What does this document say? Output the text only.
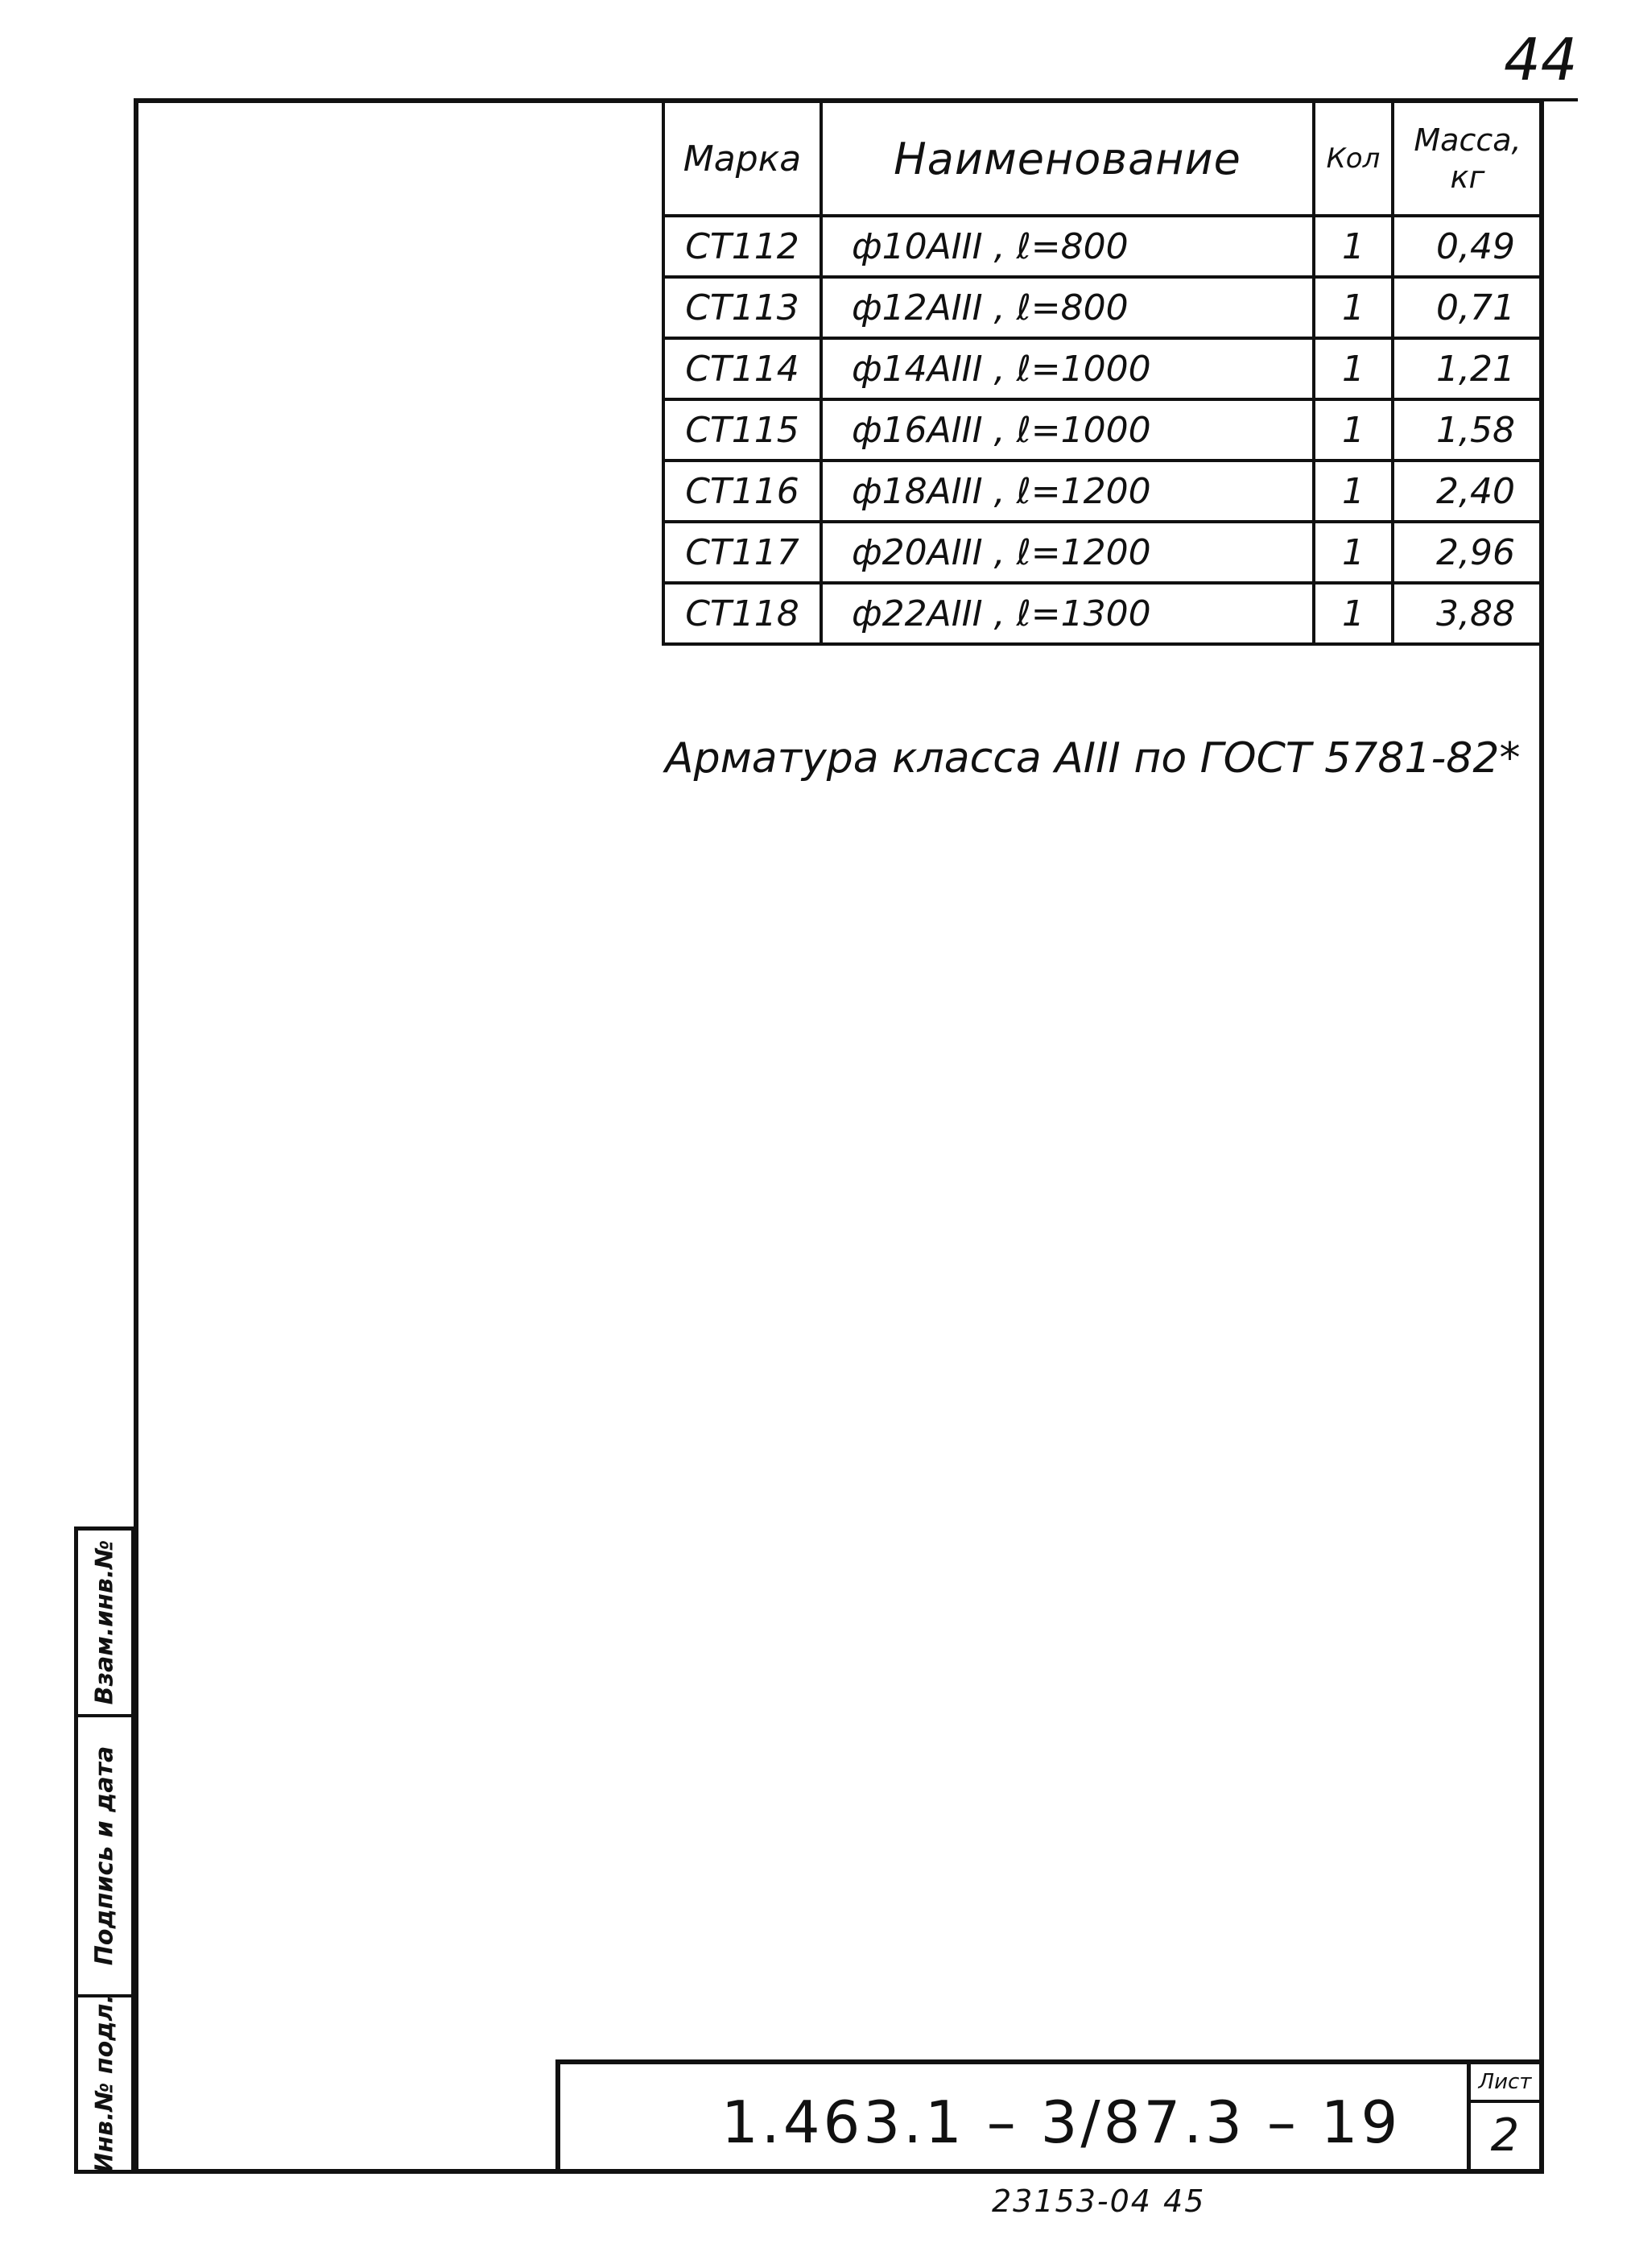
44
Марка	Наименование	Кол	Масса,
кг

СТ112	ф10АIII , ℓ=800	1	0,49
СТ113	ф12АIII , ℓ=800	1	0,71
СТ114	ф14АIII , ℓ=1000	1	1,21
СТ115	ф16АIII , ℓ=1000	1	1,58
СТ116	ф18АIII , ℓ=1200	1	2,40
СТ117	ф20АIII , ℓ=1200	1	2,96
СТ118	ф22АIII , ℓ=1300	1	3,88
Арматура класса АIII по ГОСТ 5781-82*
Взам.инв.№
Подпись и дата
Инв.№ подл.	1.463.1 – 3/87.3 – 19
Лист
2
23153-04 45
